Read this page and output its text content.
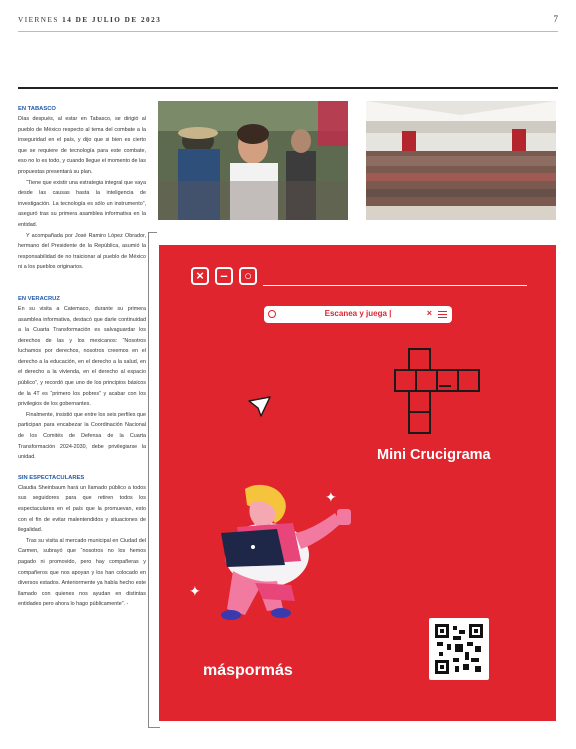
VIERNES 14 DE JULIO DE 2023	7
EN TABASCO

Días después, al estar en Tabasco, se dirigió al pueblo de México respecto al tema del combate a la inseguridad en el país, y dijo que si bien es cierto que se requiere de tecnología para este combate, eso no lo es todo, y cuando llegue el momento de las propuestas presentará su plan.

“Tiene que existir una estrategia integral que vaya desde las causas hasta la inteligencia de investigación. La tecnología es sólo un instrumento”, aseguró tras su primera asamblea informativa en la entidad.

Y acompañada por José Ramiro López Obrador, hermano del Presidente de la República, asumió la responsabilidad de no traicionar al pueblo de México ni a los pueblos originarios.

EN VERACRUZ

En su visita a Catemaco, durante su primera asamblea informativa, destacó que darle continuidad a la Cuarta Transformación es salvaguardar los derechos de las y los mexicanos: “Nosotros luchamos por derechos, nosotros creemos en el derecho a la educación, en el derecho a la salud, en el derecho a la vivienda, en el derecho al espacio público”, y recordó que uno de los principios básicos de la 4T es “primero los pobres” y acabar con los privilegios de los gobernantes.

Finalmente, insistió que entre los seis perfiles que participan para encabezar la Coordinación Nacional de los Comités de Defensa de la Cuarta Transformación 2024-2030, debe privilegiarse la unidad.

SIN ESPECTACULARES

Claudia Sheinbaum hará un llamado público a todos sus seguidores para que retiren todos los espectaculares en el país que la promuevan, esto con el fin de evitar malentendidos y situaciones de ilegalidad.

Tras su visita al mercado municipal en Ciudad del Carmen, subrayó que “nosotros no los hemos pagado ni promovido, pero hay compañeras y compañeros que nos apoyan y los han colocado en diversos estados. Anteriormente ya había hecho este llamado con quienes nos ayudan en distintas entidades pero ahora lo hago públicamente”. -

×	–	○
Escanea y juega |	×
Mini Crucigrama
✦
✦
máspormás
